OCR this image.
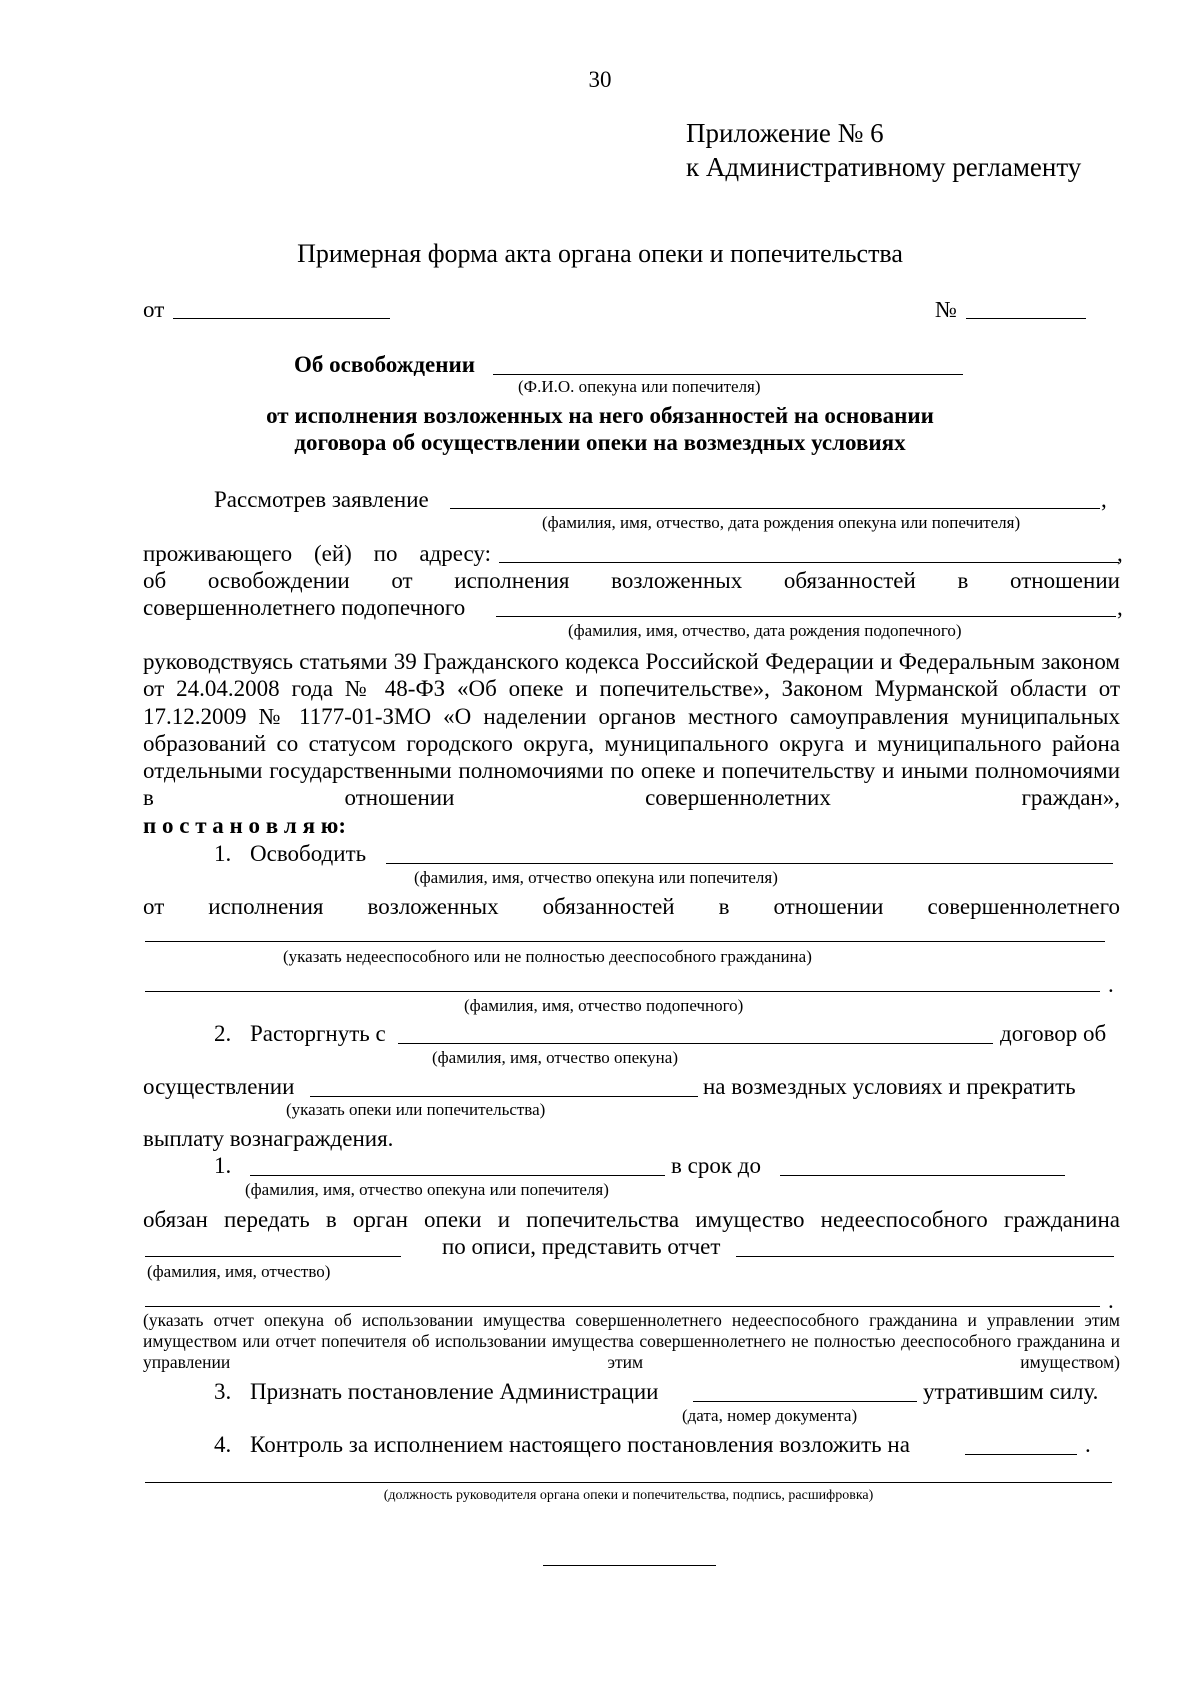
30
Приложение № 6
к Административному регламенту
Примерная форма акта органа опеки и попечительства
от	№
Об освобождении
(Ф.И.О. опекуна или попечителя)
от исполнения возложенных на него обязанностей на основании
договора об осуществлении опеки на возмездных условиях
Рассмотрев заявление	,
(фамилия, имя, отчество, дата рождения опекуна или попечителя)
проживающего (ей) по адресу:	,
об освобождении от исполнения возложенных обязанностей в отношении
совершеннолетнего подопечного	,
(фамилия, имя, отчество, дата рождения подопечного)
руководствуясь статьями 39 Гражданского кодекса Российской Федерации и Федеральным законом от 24.04.2008 года № 48-ФЗ «Об опеке и попечительстве», Законом Мурманской области от 17.12.2009 № 1177-01-ЗМО «О наделении органов местного самоуправления муниципальных образований со статусом городского округа, муниципального округа и муниципального района отдельными государственными полномочиями по опеке и попечительству и иными полномочиями в отношении совершеннолетних граждан»,
п о с т а н о в л я ю:
1. Освободить
(фамилия, имя, отчество опекуна или попечителя)
от исполнения возложенных обязанностей в отношении совершеннолетнего
(указать недееспособного или не полностью дееспособного гражданина)
.
(фамилия, имя, отчество подопечного)
2. Расторгнуть с	договор об
(фамилия, имя, отчество опекуна)
осуществлении	на возмездных условиях и прекратить
(указать опеки или попечительства)
выплату вознаграждения.
1.	в срок до
(фамилия, имя, отчество опекуна или попечителя)
обязан передать в орган опеки и попечительства имущество недееспособного гражданина
по описи, представить отчет
(фамилия, имя, отчество)
.
(указать отчет опекуна об использовании имущества совершеннолетнего недееспособного гражданина и управлении этим имуществом или отчет попечителя об использовании имущества совершеннолетнего не полностью дееспособного гражданина и управлении этим имуществом)
3. Признать постановление Администрации	утратившим силу.
(дата, номер документа)
4. Контроль за исполнением настоящего постановления возложить на	.
(должность руководителя органа опеки и попечительства, подпись, расшифровка)
